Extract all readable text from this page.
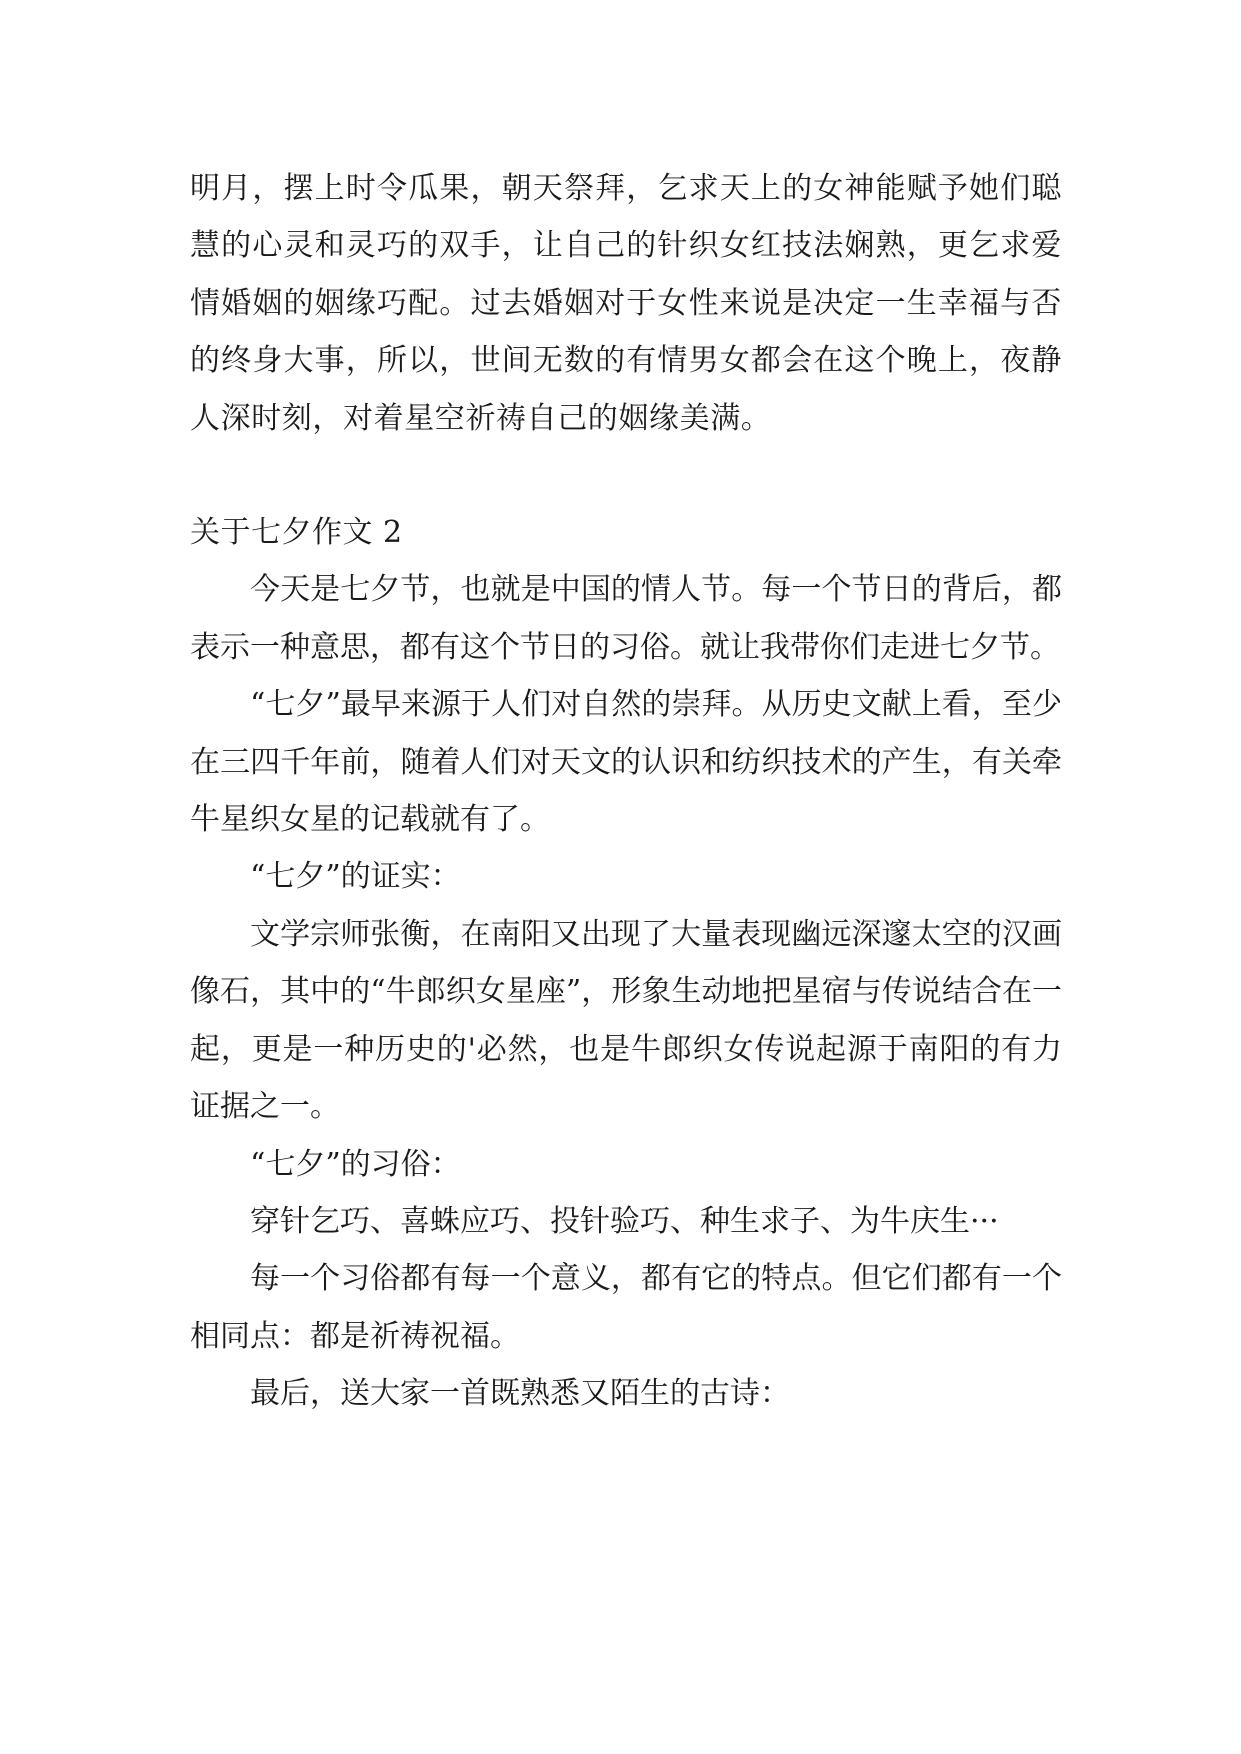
明月，摆上时令瓜果，朝天祭拜，乞求天上的女神能赋予她们聪慧的心灵和灵巧的双手，让自己的针织女红技法娴熟，更乞求爱情婚姻的姻缘巧配。过去婚姻对于女性来说是决定一生幸福与否的终身大事，所以，世间无数的有情男女都会在这个晚上，夜静人深时刻，对着星空祈祷自己的姻缘美满。

关于七夕作文 2

今天是七夕节，也就是中国的情人节。每一个节日的背后，都表示一种意思，都有这个节日的习俗。就让我带你们走进七夕节。

“七夕”最早来源于人们对自然的崇拜。从历史文献上看，至少在三四千年前，随着人们对天文的认识和纺织技术的产生，有关牵牛星织女星的记载就有了。

“七夕”的证实：

文学宗师张衡，在南阳又出现了大量表现幽远深邃太空的汉画像石，其中的“牛郎织女星座”，形象生动地把星宿与传说结合在一起，更是一种历史的'必然，也是牛郎织女传说起源于南阳的有力证据之一。

“七夕”的习俗：

穿针乞巧、喜蛛应巧、投针验巧、种生求子、为牛庆生···

每一个习俗都有每一个意义，都有它的特点。但它们都有一个相同点：都是祈祷祝福。

最后，送大家一首既熟悉又陌生的古诗：
